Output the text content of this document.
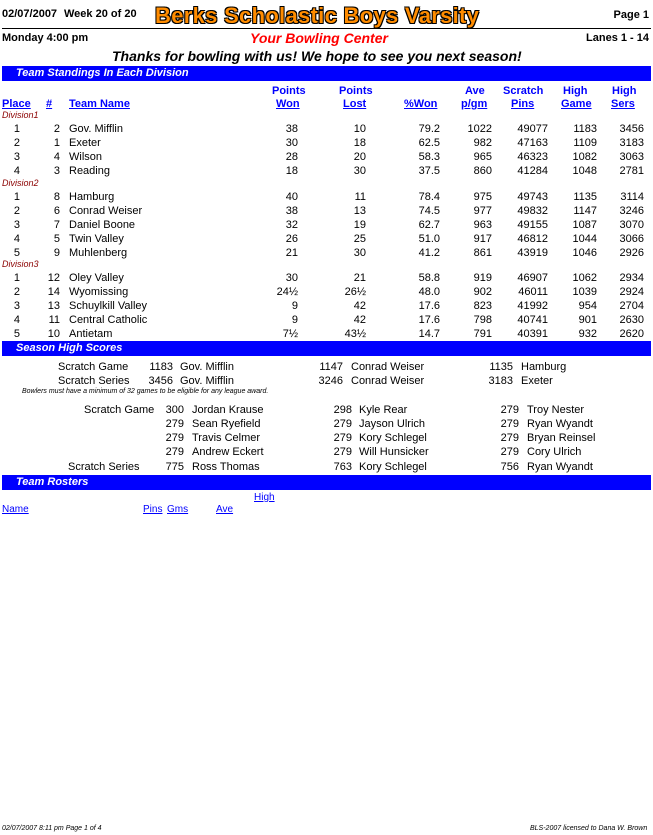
02/07/2007 Week 20 of 20 Berks Scholastic Boys Varsity	Page 1
Monday 4:00 pm	Your Bowling Center	Lanes 1 - 14
Thanks for bowling with us! We hope to see you next season!
Team Standings In Each Division
Place # Team Name
Points
Won
Points
Lost	%Won
Ave
p/gm
Scratch
Pins
High
Game
High
Sers
Division1
1	2 Gov. Mifflin	38	10	79.2	1022	49077	1183	3456
2	1 Exeter	30	18	62.5	982	47163	1109	3183
3	4 Wilson	28	20	58.3	965	46323	1082	3063
4	3 Reading	18	30	37.5	860	41284	1048	2781
Division2
1	8 Hamburg	40	11	78.4	975	49743	1135	3114
2	6 Conrad Weiser	38	13	74.5	977	49832	1147	3246
3	7 Daniel Boone	32	19	62.7	963	49155	1087	3070
4	5 Twin Valley	26	25	51.0	917	46812	1044	3066
5	9 Muhlenberg	21	30	41.2	861	43919	1046	2926
Division3
1	12 Oley Valley	30	21	58.8	919	46907	1062	2934
2	14 Wyomissing	24½	26½	48.0	902	46011	1039	2924
3	13 Schuylkill Valley	9	42	17.6	823	41992	954	2704
4	11 Central Catholic	9	42	17.6	798	40741	901	2630
5	10 Antietam	7½	43½	14.7	791	40391	932	2620
Season High Scores
Scratch Game	1183 Gov. Mifflin	1147 Conrad Weiser	1135 Hamburg
Scratch Series	3456 Gov. Mifflin	3246 Conrad Weiser	3183 Exeter
Bowlers must have a minimum of 32 games to be eligible for any league award.
Scratch Game	300 Jordan Krause	298 Kyle Rear	279 Troy Nester
279 Sean Ryefield	279 Jayson Ulrich	279 Ryan Wyandt
279 Travis Celmer	279 Kory Schlegel	279 Bryan Reinsel
279 Andrew Eckert	279 Will Hunsicker	279 Cory Ulrich
Scratch Series	775 Ross Thomas	763 Kory Schlegel	756 Ryan Wyandt
Team Rosters
Name	Pins Gms	Ave
High
02/07/2007 8:11 pm Page 1 of 4	BLS-2007 licensed to Dana W. Brown
